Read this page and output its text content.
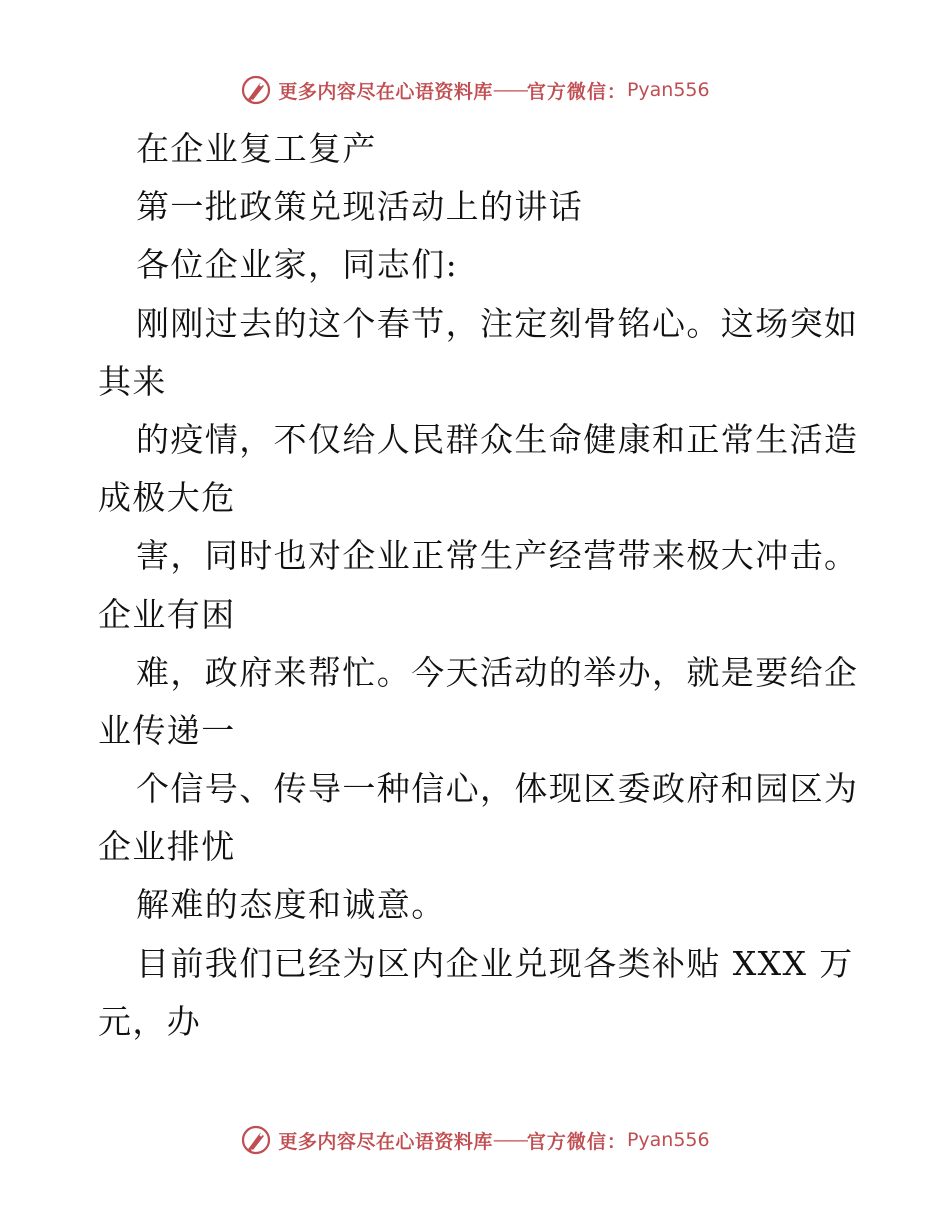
更多内容尽在心语资料库 —— 官方微信： Pyan556
在企业复工复产
第一批政策兑现活动上的讲话
各位企业家，同志们:
刚刚过去的这个春节，注定刻骨铭心。这场突如
其来
的疫情，不仅给人民群众生命健康和正常生活造
成极大危
害，同时也对企业正常生产经营带来极大冲击。
企业有困
难，政府来帮忙。今天活动的举办，就是要给企
业传递一
个信号、传导一种信心，体现区委政府和园区为
企业排忧
解难的态度和诚意。
目前我们已经为区内企业兑现各类补贴 XXX 万
元，办
更多内容尽在心语资料库 —— 官方微信： Pyan556
